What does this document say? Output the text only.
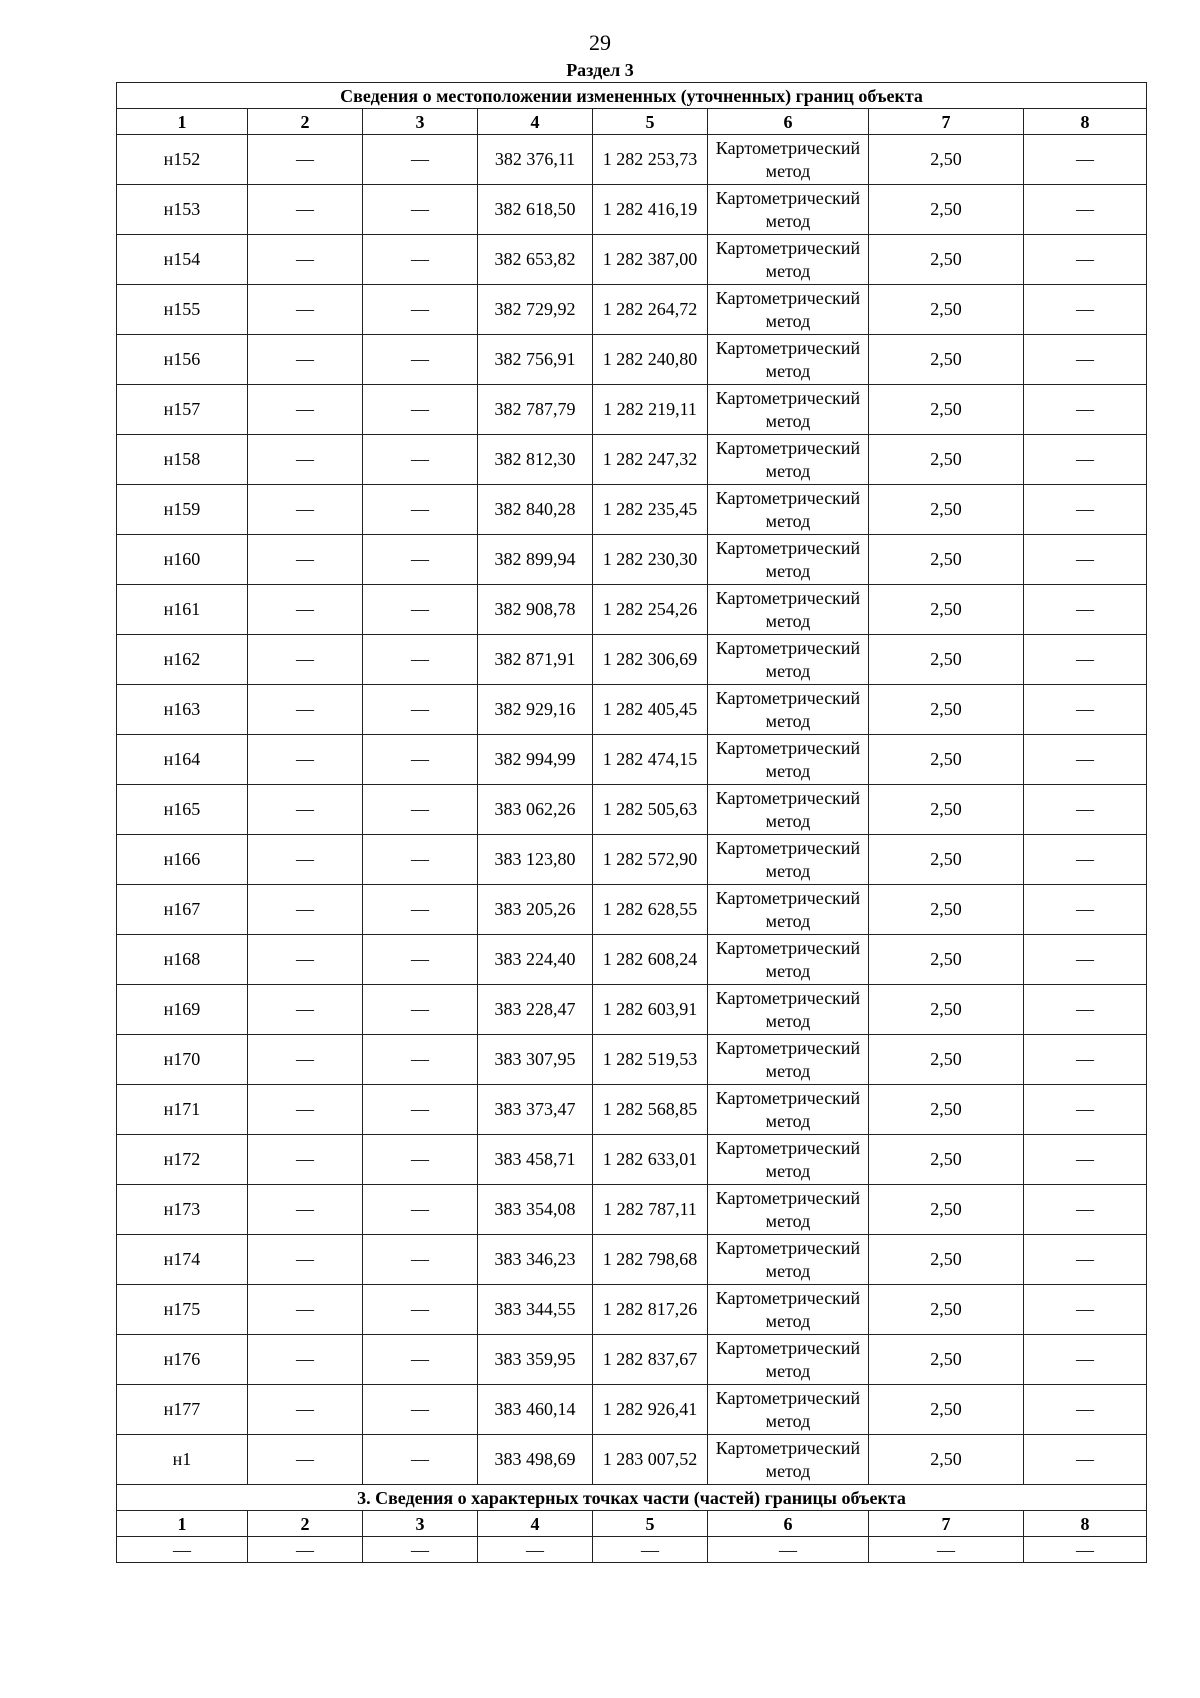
29
Раздел 3
Сведения о местоположении измененных (уточненных) границ объекта							
1	2	3	4	5	6	7	8
н152	—	—	382 376,11	1 282 253,73	Картометрический метод	2,50	—
н153	—	—	382 618,50	1 282 416,19	Картометрический метод	2,50	—
н154	—	—	382 653,82	1 282 387,00	Картометрический метод	2,50	—
н155	—	—	382 729,92	1 282 264,72	Картометрический метод	2,50	—
н156	—	—	382 756,91	1 282 240,80	Картометрический метод	2,50	—
н157	—	—	382 787,79	1 282 219,11	Картометрический метод	2,50	—
н158	—	—	382 812,30	1 282 247,32	Картометрический метод	2,50	—
н159	—	—	382 840,28	1 282 235,45	Картометрический метод	2,50	—
н160	—	—	382 899,94	1 282 230,30	Картометрический метод	2,50	—
н161	—	—	382 908,78	1 282 254,26	Картометрический метод	2,50	—
н162	—	—	382 871,91	1 282 306,69	Картометрический метод	2,50	—
н163	—	—	382 929,16	1 282 405,45	Картометрический метод	2,50	—
н164	—	—	382 994,99	1 282 474,15	Картометрический метод	2,50	—
н165	—	—	383 062,26	1 282 505,63	Картометрический метод	2,50	—
н166	—	—	383 123,80	1 282 572,90	Картометрический метод	2,50	—
н167	—	—	383 205,26	1 282 628,55	Картометрический метод	2,50	—
н168	—	—	383 224,40	1 282 608,24	Картометрический метод	2,50	—
н169	—	—	383 228,47	1 282 603,91	Картометрический метод	2,50	—
н170	—	—	383 307,95	1 282 519,53	Картометрический метод	2,50	—
н171	—	—	383 373,47	1 282 568,85	Картометрический метод	2,50	—
н172	—	—	383 458,71	1 282 633,01	Картометрический метод	2,50	—
н173	—	—	383 354,08	1 282 787,11	Картометрический метод	2,50	—
н174	—	—	383 346,23	1 282 798,68	Картометрический метод	2,50	—
н175	—	—	383 344,55	1 282 817,26	Картометрический метод	2,50	—
н176	—	—	383 359,95	1 282 837,67	Картометрический метод	2,50	—
н177	—	—	383 460,14	1 282 926,41	Картометрический метод	2,50	—
н1	—	—	383 498,69	1 283 007,52	Картометрический метод	2,50	—
3. Сведения о характерных точках части (частей) границы объекта							
1	2	3	4	5	6	7	8
—	—	—	—	—	—	—	—
